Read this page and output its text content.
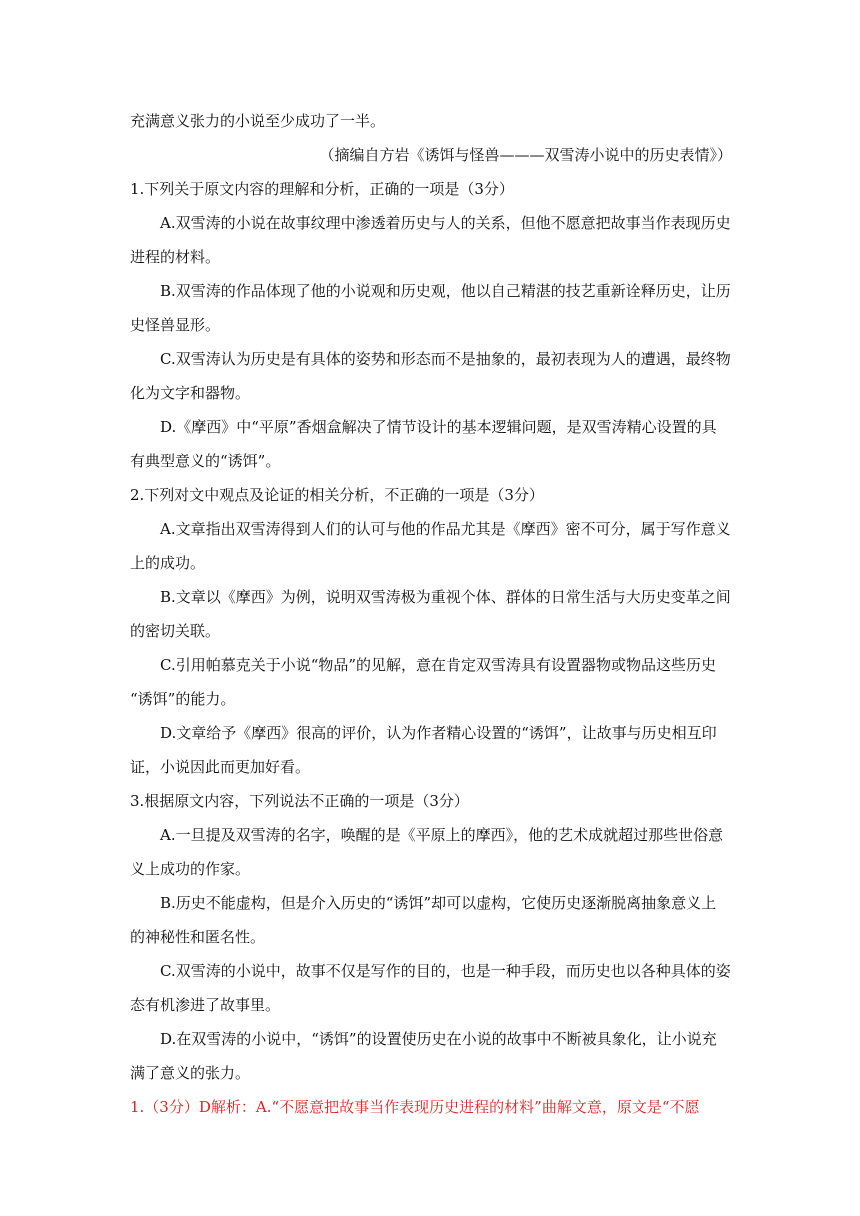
充满意义张力的小说至少成功了一半。
（摘编自方岩《诱饵与怪兽———双雪涛小说中的历史表情》）
1.下列关于原文内容的理解和分析，正确的一项是（3分）
A.双雪涛的小说在故事纹理中渗透着历史与人的关系，但他不愿意把故事当作表现历史
进程的材料。
B.双雪涛的作品体现了他的小说观和历史观，他以自己精湛的技艺重新诠释历史，让历
史怪兽显形。
C.双雪涛认为历史是有具体的姿势和形态而不是抽象的，最初表现为人的遭遇，最终物
化为文字和器物。
D.《摩西》中“平原”香烟盒解决了情节设计的基本逻辑问题，是双雪涛精心设置的具
有典型意义的“诱饵”。
2.下列对文中观点及论证的相关分析，不正确的一项是（3分）
A.文章指出双雪涛得到人们的认可与他的作品尤其是《摩西》密不可分，属于写作意义
上的成功。
B.文章以《摩西》为例，说明双雪涛极为重视个体、群体的日常生活与大历史变革之间
的密切关联。
C.引用帕慕克关于小说“物品”的见解，意在肯定双雪涛具有设置器物或物品这些历史
“诱饵”的能力。
D.文章给予《摩西》很高的评价，认为作者精心设置的“诱饵”，让故事与历史相互印
证，小说因此而更加好看。
3.根据原文内容，下列说法不正确的一项是（3分）
A.一旦提及双雪涛的名字，唤醒的是《平原上的摩西》，他的艺术成就超过那些世俗意
义上成功的作家。
B.历史不能虚构，但是介入历史的“诱饵”却可以虚构，它使历史逐渐脱离抽象意义上
的神秘性和匿名性。
C.双雪涛的小说中，故事不仅是写作的目的，也是一种手段，而历史也以各种具体的姿
态有机渗进了故事里。
D.在双雪涛的小说中，“诱饵”的设置使历史在小说的故事中不断被具象化，让小说充
满了意义的张力。
1.（3分）D解析：A.“不愿意把故事当作表现历史进程的材料”曲解文意，原文是“不愿
